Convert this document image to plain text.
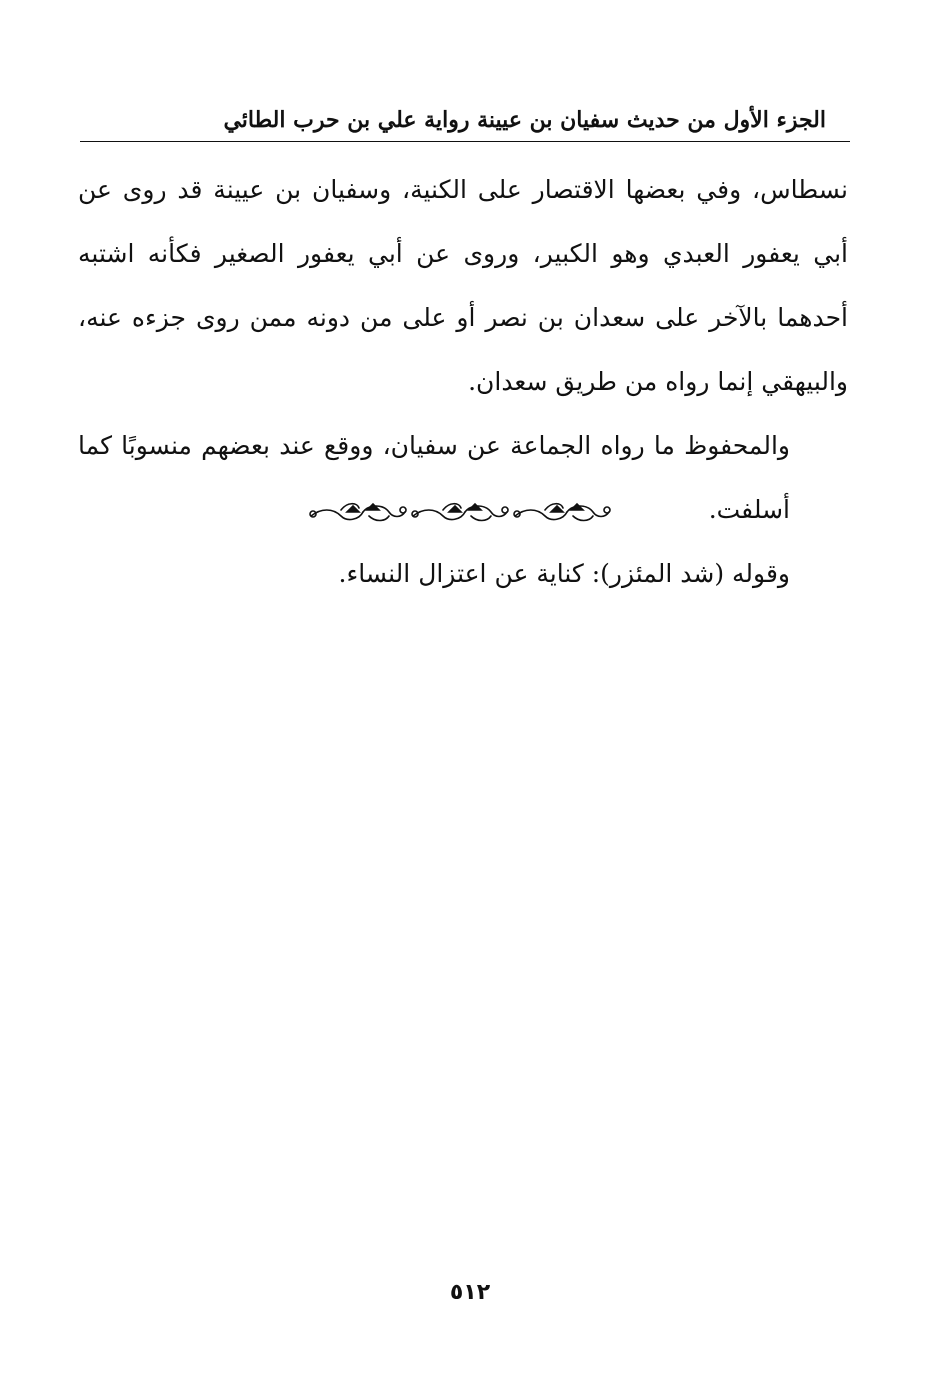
الجزء الأول من حديث سفيان بن عيينة رواية علي بن حرب الطائي

نسطاس، وفي بعضها الاقتصار على الكنية، وسفيان بن عيينة قد روى عن أبي يعفور العبدي وهو الكبير، وروى عن أبي يعفور الصغير فكأنه اشتبه أحدهما بالآخر على سعدان بن نصر أو على من دونه ممن روى جزءه عنه، والبيهقي إنما رواه من طريق سعدان.

والمحفوظ ما رواه الجماعة عن سفيان، ووقع عند بعضهم منسوبًا كما أسلفت.

وقوله (شد المئزر): كناية عن اعتزال النساء.

٥١٢
